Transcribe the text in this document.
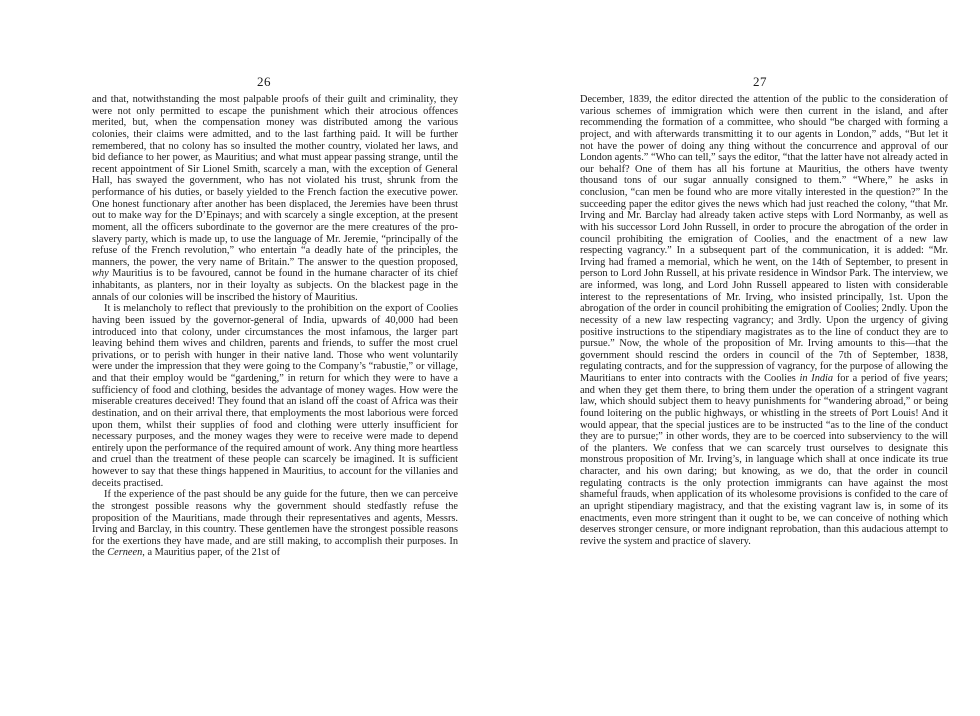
26

and that, notwithstanding the most palpable proofs of their guilt and criminality, they were not only permitted to escape the punishment which their atrocious offences merited, but, when the compensation money was distributed among the various colonies, their claims were admitted, and to the last farthing paid. It will be further remembered, that no colony has so insulted the mother country, violated her laws, and bid defiance to her power, as Mauritius; and what must appear passing strange, until the recent appointment of Sir Lionel Smith, scarcely a man, with the exception of General Hall, has swayed the government, who has not violated his trust, shrunk from the performance of his duties, or basely yielded to the French faction the executive power. One honest functionary after another has been displaced, the Jeremies have been thrust out to make way for the D’Epinays; and with scarcely a single exception, at the present moment, all the officers subordinate to the governor are the mere creatures of the pro-slavery party, which is made up, to use the language of Mr. Jeremie, “principally of the refuse of the French revolution,” who entertain “a deadly hate of the principles, the manners, the power, the very name of Britain.” The answer to the question proposed, why Mauritius is to be favoured, cannot be found in the humane character of its chief inhabitants, as planters, nor in their loyalty as subjects. On the blackest page in the annals of our colonies will be inscribed the history of Mauritius.

It is melancholy to reflect that previously to the prohibition on the export of Coolies having been issued by the governor-general of India, upwards of 40,000 had been introduced into that colony, under circumstances the most infamous, the larger part leaving behind them wives and children, parents and friends, to suffer the most cruel privations, or to perish with hunger in their native land. Those who went voluntarily were under the impression that they were going to the Company’s “rabustie,” or village, and that their employ would be “gardening,” in return for which they were to have a sufficiency of food and clothing, besides the advantage of money wages. How were the miserable creatures deceived! They found that an island off the coast of Africa was their destination, and on their arrival there, that employments the most laborious were forced upon them, whilst their supplies of food and clothing were utterly insufficient for necessary purposes, and the money wages they were to receive were made to depend entirely upon the performance of the required amount of work. Any thing more heartless and cruel than the treatment of these people can scarcely be imagined. It is sufficient however to say that these things happened in Mauritius, to account for the villanies and deceits practised.

If the experience of the past should be any guide for the future, then we can perceive the strongest possible reasons why the government should stedfastly refuse the proposition of the Mauritians, made through their representatives and agents, Messrs. Irving and Barclay, in this country. These gentlemen have the strongest possible reasons for the exertions they have made, and are still making, to accomplish their purposes. In the Cerneen, a Mauritius paper, of the 21st of

27

December, 1839, the editor directed the attention of the public to the consideration of various schemes of immigration which were then current in the island, and after recommending the formation of a committee, who should “be charged with forming a project, and with afterwards transmitting it to our agents in London,” adds, “But let it not have the power of doing any thing without the concurrence and approval of our London agents.” “Who can tell,” says the editor, “that the latter have not already acted in our behalf? One of them has all his fortune at Mauritius, the others have twenty thousand tons of our sugar annually consigned to them.” “Where,” he asks in conclusion, “can men be found who are more vitally interested in the question?” In the succeeding paper the editor gives the news which had just reached the colony, “that Mr. Irving and Mr. Barclay had already taken active steps with Lord Normanby, as well as with his successor Lord John Russell, in order to procure the abrogation of the order in council prohibiting the emigration of Coolies, and the enactment of a new law respecting vagrancy.” In a subsequent part of the communication, it is added: “Mr. Irving had framed a memorial, which he went, on the 14th of September, to present in person to Lord John Russell, at his private residence in Windsor Park. The interview, we are informed, was long, and Lord John Russell appeared to listen with considerable interest to the representations of Mr. Irving, who insisted principally, 1st. Upon the abrogation of the order in council prohibiting the emigration of Coolies; 2ndly. Upon the necessity of a new law respecting vagrancy; and 3rdly. Upon the urgency of giving positive instructions to the stipendiary magistrates as to the line of conduct they are to pursue.” Now, the whole of the proposition of Mr. Irving amounts to this—that the government should rescind the orders in council of the 7th of September, 1838, regulating contracts, and for the suppression of vagrancy, for the purpose of allowing the Mauritians to enter into contracts with the Coolies in India for a period of five years; and when they get them there, to bring them under the operation of a stringent vagrant law, which should subject them to heavy punishments for “wandering abroad,” or being found loitering on the public highways, or whistling in the streets of Port Louis! And it would appear, that the special justices are to be instructed “as to the line of the conduct they are to pursue;” in other words, they are to be coerced into subserviency to the will of the planters. We confess that we can scarcely trust ourselves to designate this monstrous proposition of Mr. Irving’s, in language which shall at once indicate its true character, and his own daring; but knowing, as we do, that the order in council regulating contracts is the only protection immigrants can have against the most shameful frauds, when application of its wholesome provisions is confided to the care of an upright stipendiary magistracy, and that the existing vagrant law is, in some of its enactments, even more stringent than it ought to be, we can conceive of nothing which deserves stronger censure, or more indignant reprobation, than this audacious attempt to revive the system and practice of slavery.
